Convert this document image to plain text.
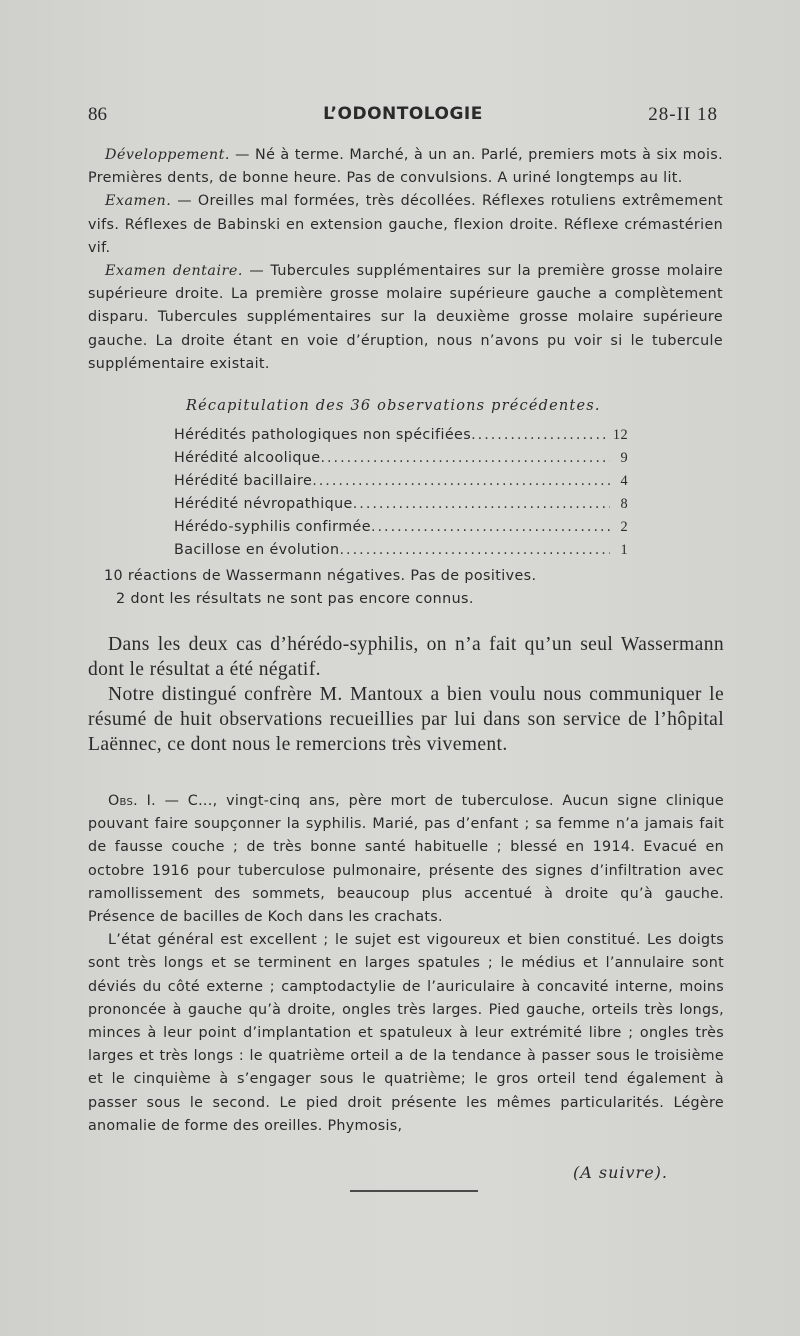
86	L’ODONTOLOGIE	28-II 18

Développement. — Né à terme. Marché, à un an. Parlé, premiers mots à six mois. Premières dents, de bonne heure. Pas de convulsions. A uriné longtemps au lit.

Examen. — Oreilles mal formées, très décollées. Réflexes rotuliens extrêmement vifs. Réflexes de Babinski en extension gauche, flexion droite. Réflexe crémastérien vif.

Examen dentaire. — Tubercules supplémentaires sur la première grosse molaire supérieure droite. La première grosse molaire supérieure gauche a complètement disparu. Tubercules supplémentaires sur la deuxième grosse molaire supérieure gauche. La droite étant en voie d’éruption, nous n’avons pu voir si le tubercule supplémentaire existait.

Récapitulation des 36 observations précédentes.
Hérédités pathologiques non spécifiées .....	12
Hérédité alcoolique .....	9
Hérédité bacillaire .....	4
Hérédité névropathique .....	8
Hérédo-syphilis confirmée .....	2
Bacillose en évolution .....	1
10 réactions de Wassermann négatives. Pas de positives.
2 dont les résultats ne sont pas encore connus.

Dans les deux cas d’hérédo-syphilis, on n’a fait qu’un seul Wassermann dont le résultat a été négatif.

Notre distingué confrère M. Mantoux a bien voulu nous communiquer le résumé de huit observations recueillies par lui dans son service de l’hôpital Laënnec, ce dont nous le remercions très vivement.

Obs. I. — C..., vingt-cinq ans, père mort de tuberculose. Aucun signe clinique pouvant faire soupçonner la syphilis. Marié, pas d’enfant ; sa femme n’a jamais fait de fausse couche ; de très bonne santé habituelle ; blessé en 1914. Evacué en octobre 1916 pour tuberculose pulmonaire, présente des signes d’infiltration avec ramollissement des sommets, beaucoup plus accentué à droite qu’à gauche. Présence de bacilles de Koch dans les crachats.

L’état général est excellent ; le sujet est vigoureux et bien constitué. Les doigts sont très longs et se terminent en larges spatules ; le médius et l’annulaire sont déviés du côté externe ; camptodactylie de l’auriculaire à concavité interne, moins prononcée à gauche qu’à droite, ongles très larges. Pied gauche, orteils très longs, minces à leur point d’implantation et spatuleux à leur extrémité libre ; ongles très larges et très longs : le quatrième orteil a de la tendance à passer sous le troisième et le cinquième à s’engager sous le quatrième; le gros orteil tend également à passer sous le second. Le pied droit présente les mêmes particularités. Légère anomalie de forme des oreilles. Phymosis,

(A suivre).
